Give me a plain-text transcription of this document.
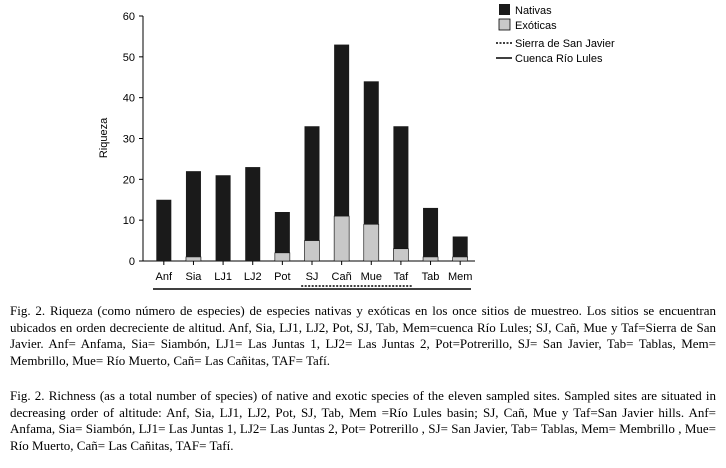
0
10
20
30
40
50
60
Anf Sia LJ1 LJ2 Pot SJ Cañ Mue Taf Tab Mem
Riqueza
Nativas
Exóticas
Sierra de San Javier
Cuenca Río Lules

Fig. 2. Riqueza (como número de especies) de especies nativas y exóticas en los once sitios de muestreo. Los sitios se encuentran ubicados en orden decreciente de altitud. Anf, Sia, LJ1, LJ2, Pot, SJ, Tab, Mem=cuenca Río Lules; SJ, Cañ, Mue y Taf=Sierra de San Javier. Anf= Anfama, Sia= Siambón, LJ1= Las Juntas 1, LJ2= Las Juntas 2, Pot=Potrerillo, SJ= San Javier, Tab= Tablas, Mem= Membrillo, Mue= Río Muerto, Cañ= Las Cañitas, TAF= Tafí.

Fig. 2. Richness (as a total number of species) of native and exotic species of the eleven sampled sites. Sampled sites are situated in decreasing order of altitude: Anf, Sia, LJ1, LJ2, Pot, SJ, Tab, Mem =Río Lules basin; SJ, Cañ, Mue y Taf=San Javier hills. Anf= Anfama, Sia= Siambón, LJ1= Las Juntas 1, LJ2= Las Juntas 2, Pot= Potrerillo , SJ= San Javier, Tab= Tablas, Mem= Membrillo , Mue= Río Muerto, Cañ= Las Cañitas, TAF= Tafí.
